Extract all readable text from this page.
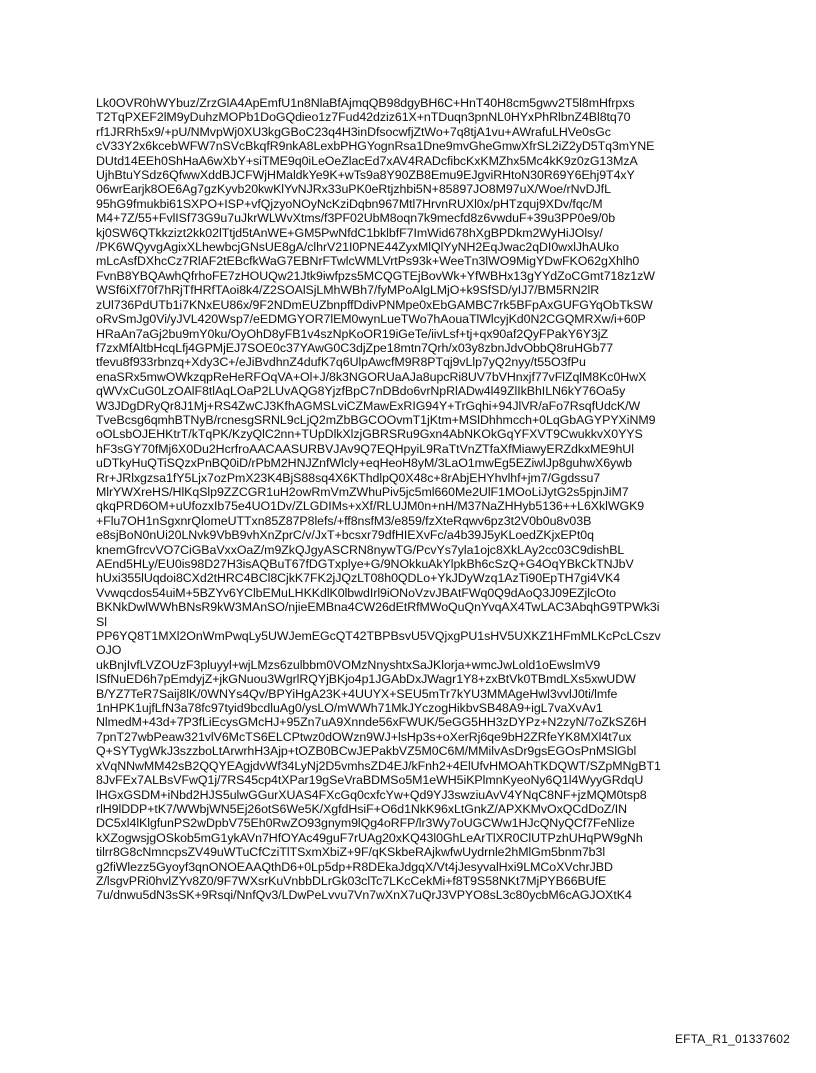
Lk0OVR0hWYbuz/ZrzGlA4ApEmfU1n8NlaBfAjmqQB98dgyBH6C+HnT40H8cm5gwv2T5l8mHfrpxs
T2TqPXEF2lM9yDuhzMOPb1DoGQdieo1z7Fud42dziz61X+nTDuqn3pnNL0HYxPhRlbnZ4Bl8tq70
rf1JRRh5x9/+pU/NMvpWj0XU3kgGBoC23q4H3inDfsocwfjZtWo+7q8tjA1vu+AWrafuLHVe0sGc
cV33Y2x6kcebWFW7nSVcBkqfR9nkA8LexbPHGYognRsa1Dne9mvGheGmwXfrSL2iZ2yD5Tq3mYNE
DUtd14EEh0ShHaA6wXbY+siTME9q0iLeOeZlacEd7xAV4RADcfibcKxKMZhx5Mc4kK9z0zG13MzA
UjhBtuYSdz6QfwwXddBJCFWjHMaldkYe9K+wTs9a8Y90ZB8Emu9EJgviRHtoN30R69Y6Ehj9T4xY
06wrEarjk8OE6Ag7gzKyvb20kwKlYvNJRx33uPK0eRtjzhbi5N+85897JO8M97uX/Woe/rNvDJfL
95hG9fmukbi61SXPO+ISP+vfQjzyoNOyNcKziDqbn967Mtl7HrvnRUXl0x/pHTzquj9XDv/fqc/M
M4+7Z/55+FvlISf73G9u7uJkrWLWvXtms/f3PF02UbM8oqn7k9mecfd8z6vwduF+39u3PP0e9/0b
kj0SW6QTkkzizt2kk02lTtjd5tAnWE+GM5PwNfdC1bklbfF7ImWid678hXgBPDkm2WyHiJOlsy/
/PK6WQyvgAgixXLhewbcjGNsUE8gA/clhrV21I0PNE44ZyxMlQlYyNH2EqJwac2qDI0wxlJhAUko
mLcAsfDXhcCz7RlAF2tEBcfkWaG7EBNrFTwlcWMLVrtPs93k+WeeTn3lWO9MigYDwFKO62gXhlh0
FvnB8YBQAwhQfrhoFE7zHOUQw21Jtk9iwfpzs5MCQGTEjBovWk+YfWBHx13gYYdZoCGmt718z1zW
WSf6iXf70f7hRjTfHRfTAoi8k4/Z2SOAlSjLMhWBh7/fyMPoAlgLMjO+k9SfSD/yIJ7/BM5RN2lR
zUl736PdUTb1i7KNxEU86x/9F2NDmEUZbnpffDdivPNMpe0xEbGAMBC7rk5BFpAxGUFGYqObTkSW
oRvSmJg0Vi/yJVL420Wsp7/eEDMGYOR7lEM0wynLueTWo7hAouaTlWlcyjKd0N2CGQMRXw/i+60P
HRaAn7aGj2bu9mY0ku/OyOhD8yFB1v4szNpKoOR19iGeTe/iivLsf+tj+qx90af2QyFPakY6Y3jZ
f7zxMfAltbHcqLfj4GPMjEJ7SOE0c37YAwG0C3djZpe18mtn7Qrh/x03y8zbnJdvObbQ8ruHGb77
tfevu8f933rbnzq+Xdy3C+/eJiBvdhnZ4dufK7q6UlpAwcfM9R8PTqj9vLlp7yQ2nyy/t55O3fPu
enaSRx5mwOWkzqpReHeRFOqVA+Ol+J/8k3NGORUaAJa8upcRi8UV7bVHnxjf77vFlZqlM8Kc0HwX
qWVxCuG0LzOAlF8tlAqLOaP2LUvAQG8YjzfBpC7nDBdo6vrNpRlADw4l49ZlIkBhILN6kY76Oa5y
W3JDgDRyQr8J1Mj+RS4ZwCJ3KfhAGMSLviCZMawExRIG94Y+TrGqhi+94JlVR/aFo7RsqfUdcK/W
TveBcsg6qmhBTNyB/rcnesgSRNL9cLjQ2mZbBGCOOvmT1jKtm+MSlDhhmcch+0LqGbAGYPYXiNM9
oOLsbOJEHKtrT/kTqPK/KzyQlC2nn+TUpDlkXlzjGBRSRu9Gxn4AbNKOkGqYFXVT9CwukkvX0YYS
hF3sGY70fMj6X0Du2HcrfroAACAASURBVJAv9Q7EQHpyiL9RaTtVnZTfaXfMiawyERZdkxME9hUl
uDTkyHuQTiSQzxPnBQ0iD/rPbM2HNJZnfWlcly+eqHeoH8yM/3LaO1mwEg5EZiwlJp8guhwX6ywb
Rr+JRlxgzsa1fY5Ljx7ozPmX23K4BjS88sq4X6KThdlpQ0X48c+8rAbjEHYhvlhf+jm7/Ggdssu7
MlrYWXreHS/HlKqSlp9ZZCGR1uH2owRmVmZWhuPiv5jc5ml660Me2UlF1MOoLiJytG2s5pjnJiM7
qkqPRD6OM+uUfozxIb75e4UO1Dv/ZLGDIMs+xXf/RLUJM0n+nH/M37NaZHHyb5136++L6XklWGK9
+Flu7OH1nSgxnrQlomeUTTxn85Z87P8lefs/+ff8nsfM3/e859/fzXteRqwv6pz3t2V0b0u8v03B
e8sjBoN0nUi20LNvk9VbB9vhXnZprC/v/JxT+bcsxr79dfHIEXvFc/a4b39J5yKLoedZKjxEPt0q
knemGfrcvVO7CiGBaVxxOaZ/m9ZkQJgyASCRN8nywTG/PcvYs7yla1ojc8XkLAy2cc03C9dishBL
AEnd5HLy/EU0is98D27H3isAQBuT67fDGTxplye+G/9NOkkuAkYlpkBh6cSzQ+G4OqYBkCkTNJbV
hUxi355lUqdoi8CXd2tHRC4BCl8CjkK7FK2jJQzLT08h0QDLo+YkJDyWzq1AzTi90EpTH7gi4VK4
Vvwqcdos54uiM+5BZYv6YClbEMuLHKKdlK0lbwdIrl9iONoVzvJBAtFWq0Q9dAoQ3J09EZjlcOto
BKNkDwlWWhBNsR9kW3MAnSO/njieEMBna4CW26dEtRfMWoQuQnYvqAX4TwLAC3AbqhG9TPWk3i
Sl
PP6YQ8T1MXl2OnWmPwqLy5UWJemEGcQT42TBPBsvU5VQjxgPU1sHV5UXKZ1HFmMLKcPcLCszv
OJO
ukBnjIvfLVZOUzF3pluyyl+wjLMzs6zulbbm0VOMzNnyshtxSaJKlorja+wmcJwLold1oEwslmV9
lSfNuED6h7pEmdyjZ+jkGNuou3WgrlRQYjBKjo4p1JGAbDxJWagr1Y8+zxBtVk0TBmdLXs5xwUDW
B/YZ7TeR7Saij8lK/0WNYs4Qv/BPYiHgA23K+4UUYX+SEU5mTr7kYU3MMAgeHwl3vvlJ0ti/lmfe
1nHPK1ujfLfN3a78fc97tyid9bcdluAg0/ysLO/mWWh71MkJYczogHikbvSB48A9+igL7vaXvAv1
NlmedM+43d+7P3fLiEcysGMcHJ+95Zn7uA9Xnnde56xFWUK/5eGG5HH3zDYPz+N2zyN/7oZkSZ6H
7pnT27wbPeaw321vlV6McTS6ELCPtwz0dOWzn9WJ+lsHp3s+oXerRj6qe9bH2ZRfeYK8MXl4t7ux
Q+SYTygWkJ3szzboLtArwrhH3Ajp+tOZB0BCwJEPakbVZ5M0C6M/MMilvAsDr9gsEGOsPnMSlGbl
xVqNNwMM42sB2QQYEAgjdvWf34LyNj2D5vmhsZD4EJ/kFnh2+4ElUfvHMOAhTKDQWT/SZpMNgBT1
8JvFEx7ALBsVFwQ1j/7RS45cp4tXPar19gSeVraBDMSo5M1eWH5iKPlmnKyeoNy6Q1l4WyyGRdqU
lHGxGSDM+iNbd2HJS5ulwGGurXUAS4FXcGq0cxfcYw+Qd9YJ3swziuAvV4YNqC8NF+jzMQM0tsp8
rlH9lDDP+tK7/WWbjWN5Ej26otS6We5K/XgfdHsiF+O6d1NkK96xLtGnkZ/APXKMvOxQCdDoZ/IN
DC5xl4lKlgfunPS2wDpbV75Eh0RwZO93gnym9lQg4oRFP/lr3Wy7oUGCWw1HJcQNyQCf7FeNlize
kXZogwsjgOSkob5mG1ykAVn7HfOYAc49guF7rUAg20xKQ43l0GhLeArTlXR0ClUTPzhUHqPW9gNh
tilrr8G8cNmncpsZV49uWTuCfCziTlTSxmXbiZ+9F/qKSkbeRAjkwfwUydrnle2hMlGm5bnm7b3l
g2fiWlezz5Gyoyf3qnONOEAAQthD6+0Lp5dp+R8DEkaJdgqX/Vt4jJesyvalHxi9LMCoXVchrJBD
Z/lsgvPRi0hvlZYv8Z0/9F7WXsrKuVnbbDLrGk03clTc7LKcCekMi+f8T9S58NKt7MjPYB66BUfE
7u/dnwu5dN3sSK+9Rsqi/NnfQv3/LDwPeLvvu7Vn7wXnX7uQrJ3VPYO8sL3c80ycbM6cAGJOXtK4
EFTA_R1_01337602
